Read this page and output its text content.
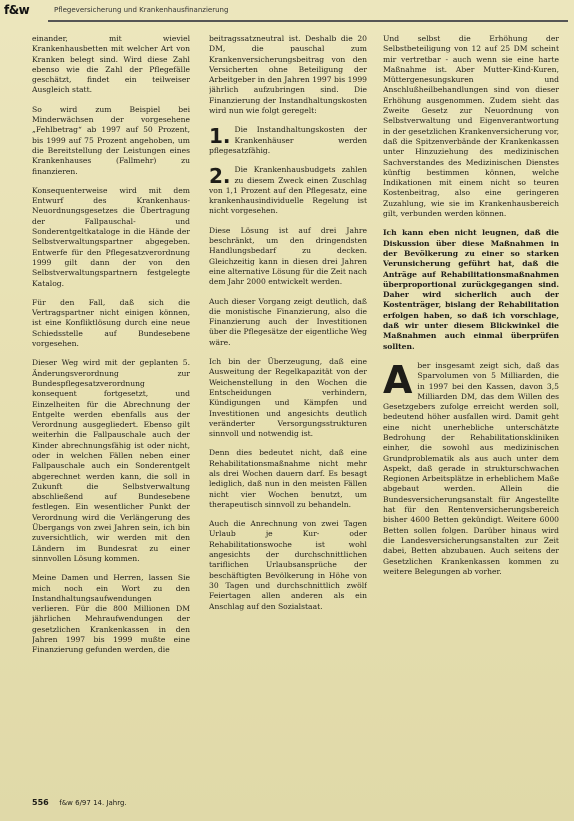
f&w	Pflegeversicherung und Krankenhausfinanzierung

einander, mit wieviel Krankenhausbetten mit welcher Art von Kranken belegt sind. Wird diese Zahl ebenso wie die Zahl der Pflegefälle geschätzt, findet ein teilweiser Ausgleich statt.

So wird zum Beispiel bei Minderwächsen der vorgesehene „Fehlbetrag“ ab 1997 auf 50 Prozent, bis 1999 auf 75 Prozent angehoben, um die Bereitstellung der Leistungen eines Krankenhauses (Fallmehr) zu finanzieren.

Konsequenterweise wird mit dem Entwurf des Krankenhaus-Neuordnungsgesetzes die Übertragung der Fallpauschal- und Sonderentgeltkataloge in die Hände der Selbstverwaltungspartner abgegeben. Entwerfe für den Pflegesatzverordnung 1999 gilt dann der von den Selbstverwaltungspartnern festgelegte Katalog.

Für den Fall, daß sich die Vertragspartner nicht einigen können, ist eine Konfliktlösung durch eine neue Schiedsstelle auf Bundesebene vorgesehen.

Dieser Weg wird mit der geplanten 5. Änderungsverordnung zur Bundespflegesatzverordnung konsequent fortgesetzt, und Einzelheiten für die Abrechnung der Entgelte werden ebenfalls aus der Verordnung ausgegliedert. Ebenso gilt weiterhin die Fallpauschale auch der Kinder abrechnungsfähig ist oder nicht, oder in welchen Fällen neben einer Fallpauschale auch ein Sonderentgelt abgerechnet werden kann, die soll in Zukunft die Selbstverwaltung abschließend auf Bundesebene festlegen. Ein wesentlicher Punkt der Verordnung wird die Verlängerung des Übergangs von zwei Jahren sein, ich bin zuversichtlich, wir werden mit den Ländern im Bundesrat zu einer sinnvollen Lösung kommen.

Meine Damen und Herren, lassen Sie mich noch ein Wort zu den Instandhaltungsaufwendungen verlieren. Für die 800 Millionen DM jährlichen Mehraufwendungen der gesetzlichen Krankenkassen in den Jahren 1997 bis 1999 mußte eine Finanzierung gefunden werden, die

beitragssatzneutral ist. Deshalb die 20 DM, die pauschal zum Krankenversicherungsbeitrag von den Versicherten ohne Beteiligung der Arbeitgeber in den Jahren 1997 bis 1999 jährlich aufzubringen sind. Die Finanzierung der Instandhaltungskosten wird nun wie folgt geregelt:

1. Die Instandhaltungskosten der Krankenhäuser werden pflegesatzfähig.

2. Die Krankenhausbudgets zahlen zu diesem Zweck einen Zuschlag von 1,1 Prozent auf den Pflegesatz, eine krankenhausindividuelle Regelung ist nicht vorgesehen.

Diese Lösung ist auf drei Jahre beschränkt, um den dringendsten Handlungsbedarf zu decken. Gleichzeitig kann in diesen drei Jahren eine alternative Lösung für die Zeit nach dem Jahr 2000 entwickelt werden.

Auch dieser Vorgang zeigt deutlich, daß die monistische Finanzierung, also die Finanzierung auch der Investitionen über die Pflegesätze der eigentliche Weg wäre.

Ich bin der Überzeugung, daß eine Ausweitung der Regelkapazität von der Weichenstellung in den Wochen die Entscheidungen verhindern, Kündigungen und Kämpfen und Investitionen und angesichts deutlich veränderter Versorgungsstrukturen sinnvoll und notwendig ist.

Denn dies bedeutet nicht, daß eine Rehabilitationsmaßnahme nicht mehr als drei Wochen dauern darf. Es besagt lediglich, daß nun in den meisten Fällen nicht vier Wochen benutzt, um therapeutisch sinnvoll zu behandeln.

Auch die Anrechnung von zwei Tagen Urlaub je Kur- oder Rehabilitationswoche ist wohl angesichts der durchschnittlichen tariflichen Urlaubsansprüche der beschäftigten Bevölkerung in Höhe von 30 Tagen und durchschnittlich zwölf Feiertagen allen anderen als ein Anschlag auf den Sozialstaat.

Und selbst die Erhöhung der Selbstbeteiligung von 12 auf 25 DM scheint mir vertretbar - auch wenn sie eine harte Maßnahme ist. Aber Mutter-Kind-Kuren, Müttergenesungskuren und Anschlußheilbehandlungen sind von dieser Erhöhung ausgenommen. Zudem sieht das Zweite Gesetz zur Neuordnung von Selbstverwaltung und Eigenverantwortung in der gesetzlichen Krankenversicherung vor, daß die Spitzenverbände der Krankenkassen unter Hinzuziehung des medizinischen Sachverstandes des Medizinischen Dienstes künftig bestimmen können, welche Indikationen mit einem nicht so teuren Kostenbeitrag, also eine geringeren Zuzahlung, wie sie im Krankenhausbereich gilt, verbunden werden können.

Ich kann eben nicht leugnen, daß die Diskussion über diese Maßnahmen in der Bevölkerung zu einer so starken Verunsicherung geführt hat, daß die Anträge auf Rehabilitationsmaßnahmen überproportional zurückgegangen sind. Daher wird sicherlich auch der Kostenträger, bislang der Rehabilitation erfolgen haben, so daß ich vorschlage, daß wir unter diesem Blickwinkel die Maßnahmen auch einmal überprüfen sollten.

Aber insgesamt zeigt sich, daß das Sparvolumen von 5 Milliarden, die in 1997 bei den Kassen, davon 3,5 Milliarden DM, das dem Willen des Gesetzgebers zufolge erreicht werden soll, bedeutend höher ausfallen wird. Damit geht eine nicht unerhebliche unterschätzte Bedrohung der Rehabilitationskliniken einher, die sowohl aus medizinischen Grundproblematik als aus auch unter dem Aspekt, daß gerade in strukturschwachen Regionen Arbeitsplätze in erheblichem Maße abgebaut werden. Allein die Bundesversicherungsanstalt für Angestellte hat für den Rentenversicherungsbereich bisher 4600 Betten gekündigt. Weitere 6000 Betten sollen folgen. Darüber hinaus wird die Landesversicherungsanstalten zur Zeit dabei, Betten abzubauen. Auch seitens der Gesetzlichen Krankenkassen kommen zu weitere Belegungen ab vorher.

556 f&w 6/97 14. Jahrg.
